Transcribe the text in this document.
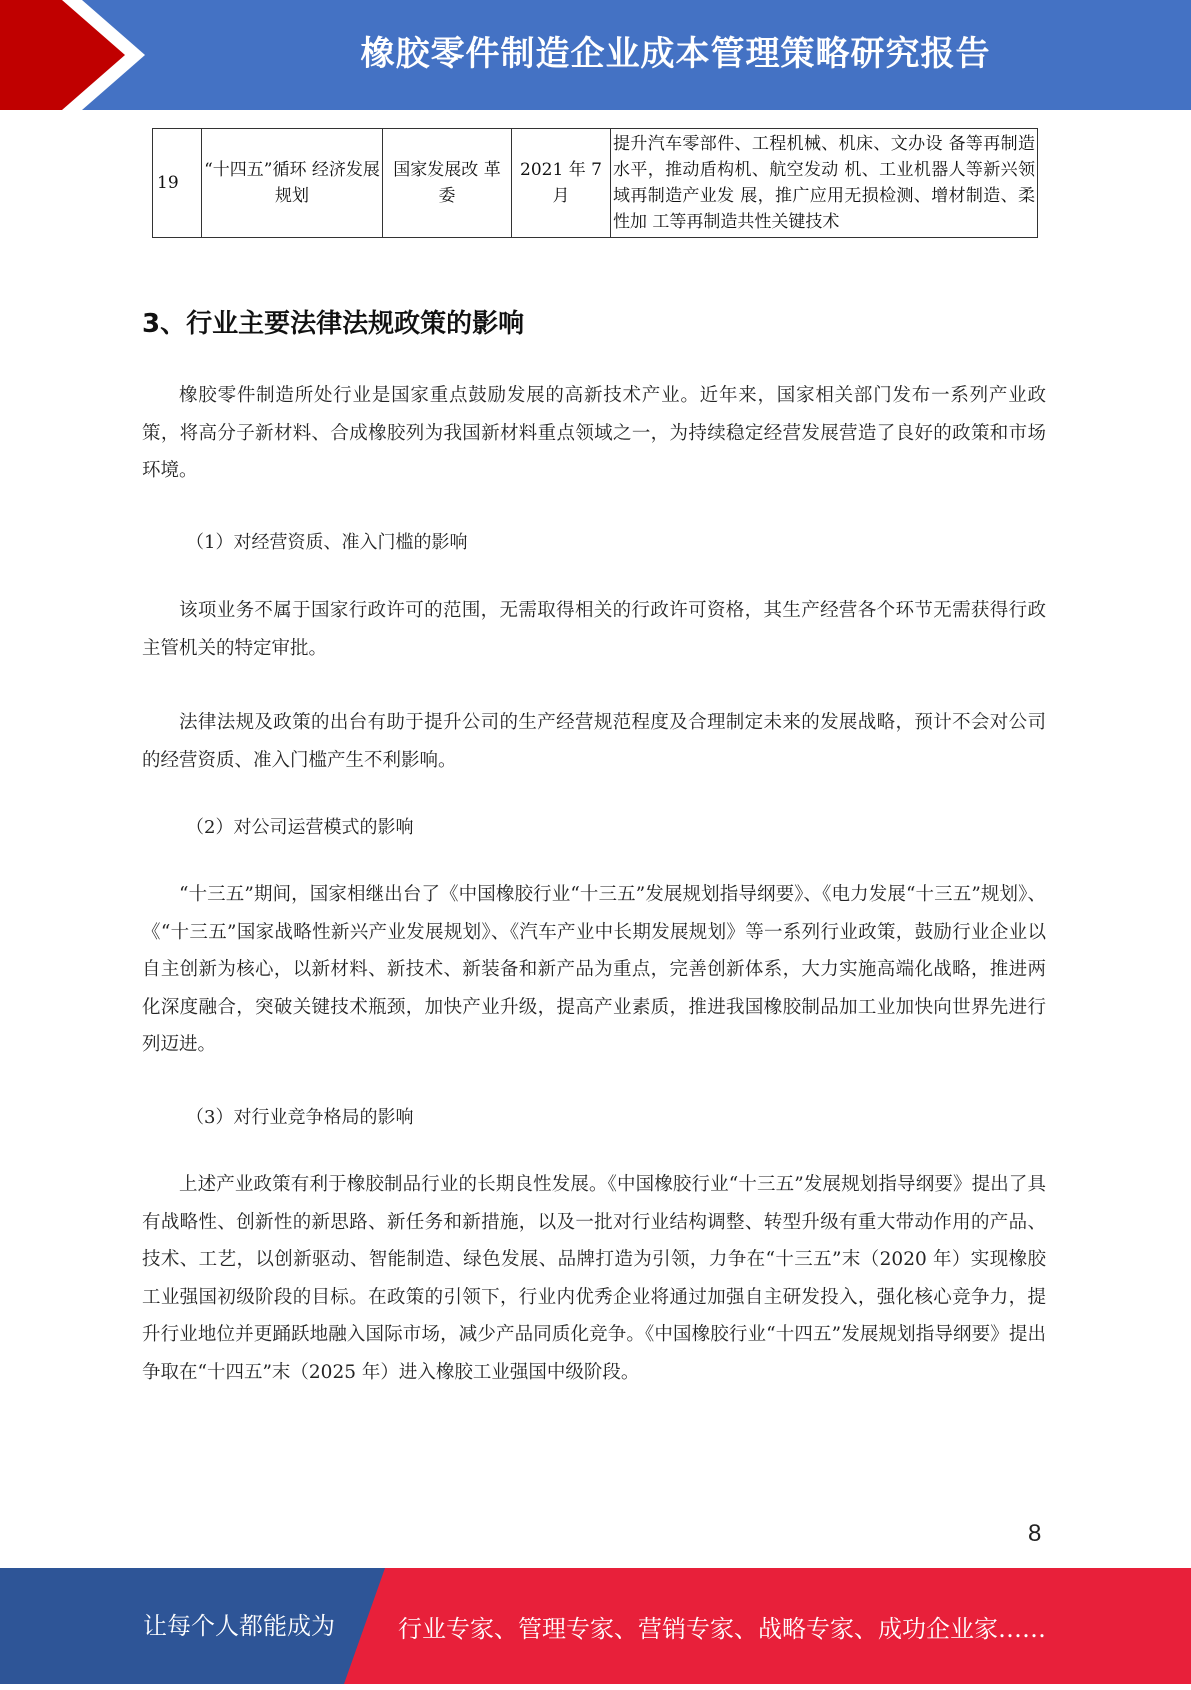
橡胶零件制造企业成本管理策略研究报告
19	“十四五”循环 经济发展规划	国家发展改 革委	2021 年 7月	提升汽车零部件、工程机械、机床、文办设 备等再制造水平，推动盾构机、航空发动 机、工业机器人等新兴领域再制造产业发 展，推广应用无损检测、增材制造、柔性加 工等再制造共性关键技术
3、行业主要法律法规政策的影响
橡胶零件制造所处行业是国家重点鼓励发展的高新技术产业。近年来，国家相关部门发布一系列产业政策，将高分子新材料、合成橡胶列为我国新材料重点领域之一，为持续稳定经营发展营造了良好的政策和市场环境。
（1）对经营资质、准入门槛的影响
该项业务不属于国家行政许可的范围，无需取得相关的行政许可资格，其生产经营各个环节无需获得行政主管机关的特定审批。
法律法规及政策的出台有助于提升公司的生产经营规范程度及合理制定未来的发展战略，预计不会对公司的经营资质、准入门槛产生不利影响。
（2）对公司运营模式的影响
“十三五”期间，国家相继出台了《中国橡胶行业“十三五”发展规划指导纲要》、《电力发展“十三五”规划》、《“十三五”国家战略性新兴产业发展规划》、《汽车产业中长期发展规划》等一系列行业政策，鼓励行业企业以自主创新为核心，以新材料、新技术、新装备和新产品为重点，完善创新体系，大力实施高端化战略，推进两化深度融合，突破关键技术瓶颈，加快产业升级，提高产业素质，推进我国橡胶制品加工业加快向世界先进行列迈进。
（3）对行业竞争格局的影响
上述产业政策有利于橡胶制品行业的长期良性发展。《中国橡胶行业“十三五”发展规划指导纲要》提出了具有战略性、创新性的新思路、新任务和新措施，以及一批对行业结构调整、转型升级有重大带动作用的产品、技术、工艺，以创新驱动、智能制造、绿色发展、品牌打造为引领，力争在“十三五”末（2020 年）实现橡胶工业强国初级阶段的目标。在政策的引领下，行业内优秀企业将通过加强自主研发投入，强化核心竞争力，提升行业地位并更踊跃地融入国际市场，减少产品同质化竞争。《中国橡胶行业“十四五”发展规划指导纲要》提出争取在“十四五”末（2025 年）进入橡胶工业强国中级阶段。
8
让每个人都能成为	行业专家、管理专家、营销专家、战略专家、成功企业家……
